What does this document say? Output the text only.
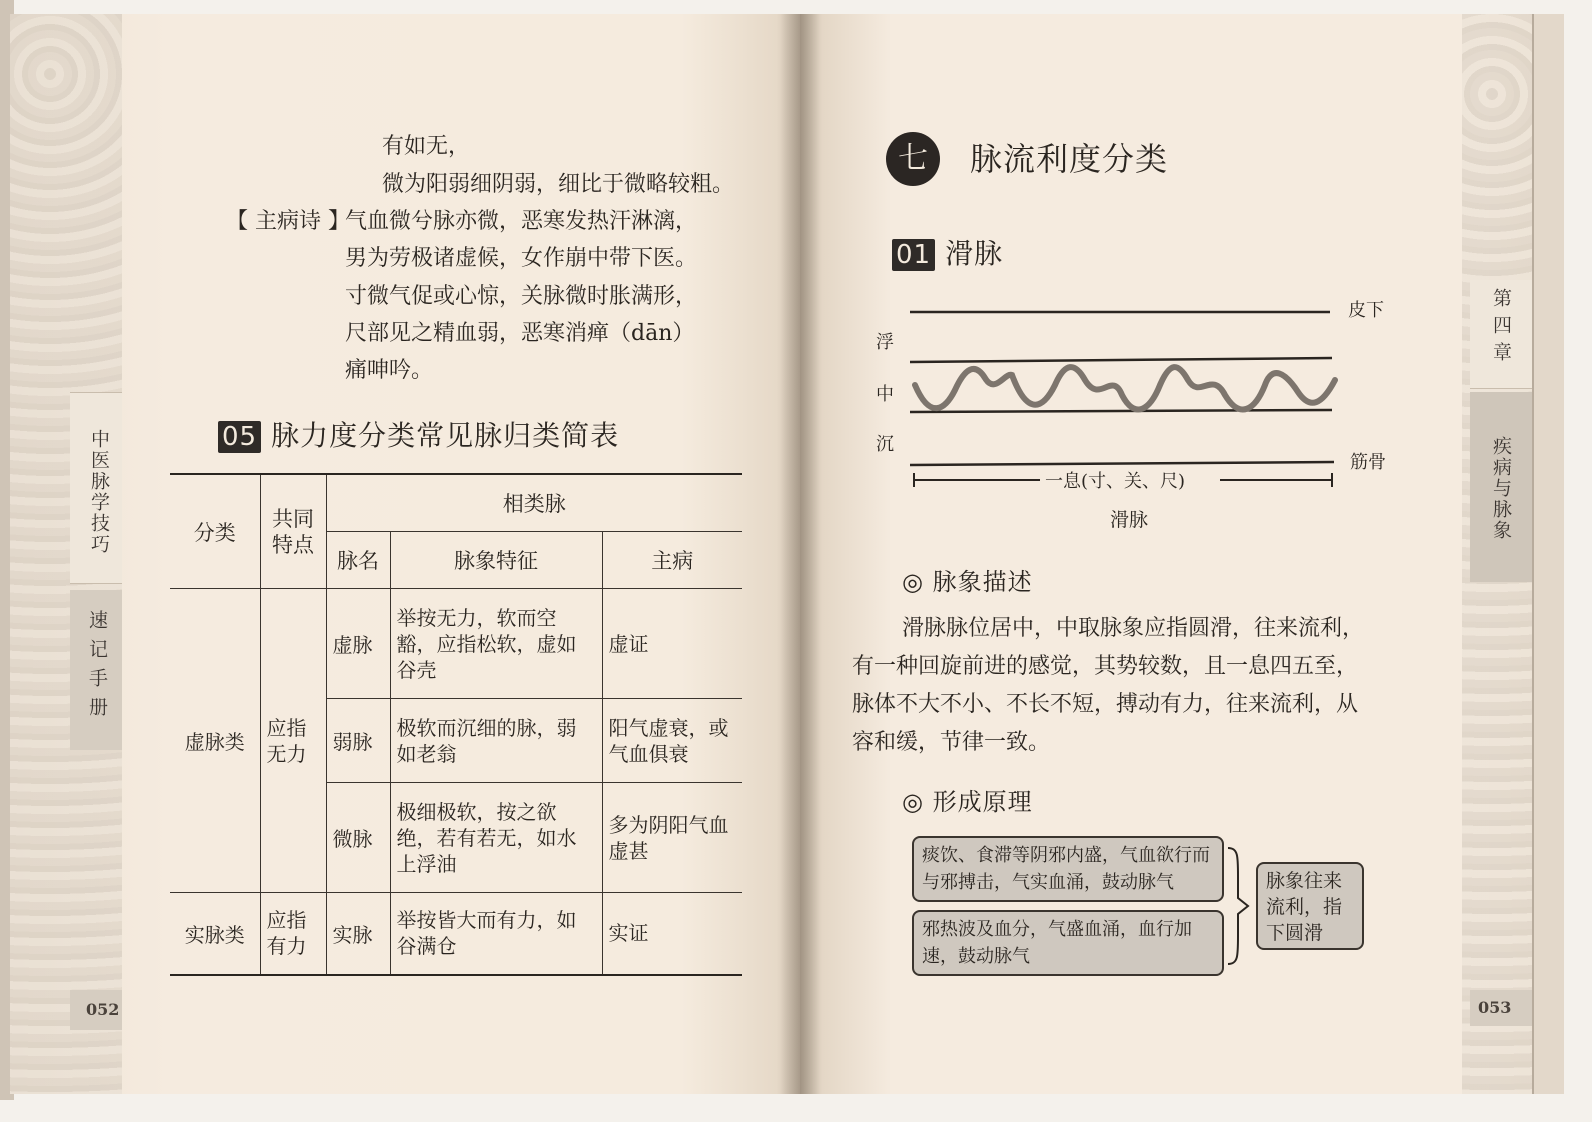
中医脉学技巧
速记手册
052
有如无，
微为阳弱细阴弱，细比于微略较粗。
【 主病诗 】
气血微兮脉亦微，恶寒发热汗淋漓，
男为劳极诸虚候，女作崩中带下医。
寸微气促或心惊，关脉微时胀满形，
尺部见之精血弱，恶寒消瘅（dān）
痛呻吟。
05 脉力度分类常见脉归类简表
分类	共同特点	相类脉		
		脉名	脉象特征	主病
虚脉类	应指无力	虚脉	举按无力，软而空豁，应指松软，虚如谷壳	虚证
		弱脉	极软而沉细的脉，弱如老翁	阳气虚衰，或气血俱衰
		微脉	极细极软，按之欲绝，若有若无，如水上浮油	多为阴阳气血虚甚
实脉类	应指有力	实脉	举按皆大而有力，如谷满仓	实证
七	脉流利度分类
01 滑脉
皮下
筋骨
浮
中
沉
一息(寸、关、尺)
滑脉
◎ 脉象描述
滑脉脉位居中，中取脉象应指圆滑，往来流利，
有一种回旋前进的感觉，其势较数，且一息四五至，
脉体不大不小、不长不短，搏动有力，往来流利，从
容和缓，节律一致。
◎ 形成原理
痰饮、食滞等阴邪内盛，气血欲行而与邪搏击，气实血涌，鼓动脉气
邪热波及血分，气盛血涌，血行加速，鼓动脉气
脉象往来流利，指下圆滑
第四章
疾病与脉象
053
